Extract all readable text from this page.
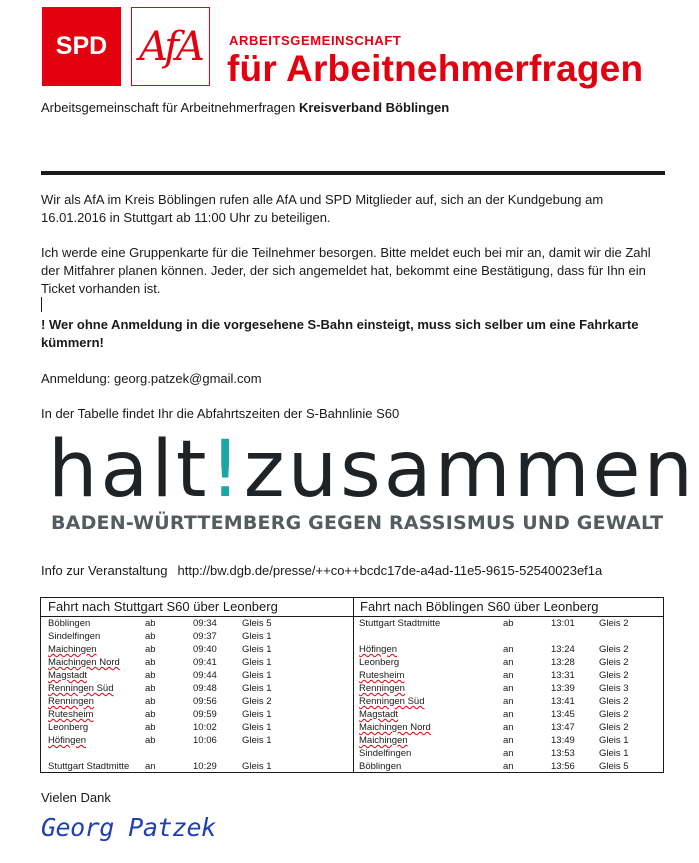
SPD AfA ARBEITSGEMEINSCHAFT
für Arbeitnehmerfragen
Arbeitsgemeinschaft für Arbeitnehmerfragen Kreisverband Böblingen
Wir als AfA im Kreis Böblingen rufen alle AfA und SPD Mitglieder auf, sich an der Kundgebung am 16.01.2016 in Stuttgart ab 11:00 Uhr zu beteiligen.
Ich werde eine Gruppenkarte für die Teilnehmer besorgen. Bitte meldet euch bei mir an, damit wir die Zahl der Mitfahrer planen können. Jeder, der sich angemeldet hat, bekommt eine Bestätigung, dass für Ihn ein Ticket vorhanden ist.
! Wer ohne Anmeldung in die vorgesehene S-Bahn einsteigt, muss sich selber um eine Fahrkarte kümmern!
Anmeldung: georg.patzek@gmail.com
In der Tabelle findet Ihr die Abfahrtszeiten der S-Bahnlinie S60
halt!zusammen
BADEN-WÜRTTEMBERG GEGEN RASSISMUS UND GEWALT
Info zur Veranstaltung http://bw.dgb.de/presse/++co++bcdc17de-a4ad-11e5-9615-52540023ef1a
Fahrt nach Stuttgart S60 über Leonberg
Böblingen	ab	09:34	Gleis 5
Sindelfingen	ab	09:37	Gleis 1
Maichingen	ab	09:40	Gleis 1
Maichingen Nord	ab	09:41	Gleis 1
Magstadt	ab	09:44	Gleis 1
Renningen Süd	ab	09:48	Gleis 1
Renningen	ab	09:56	Gleis 2
Rutesheim	ab	09:59	Gleis 1
Leonberg	ab	10:02	Gleis 1
Höfingen	ab	10:06	Gleis 1
Stuttgart Stadtmitte an	10:29	Gleis 1
Fahrt nach Böblingen S60 über Leonberg
Stuttgart Stadtmitte	ab	13:01	Gleis 2
Höfingen	an	13:24	Gleis 2
Leonberg	an	13:28	Gleis 2
Rutesheim	an	13:31	Gleis 2
Renningen	an	13:39	Gleis 3
Renningen Süd	an	13:41	Gleis 2
Magstadt	an	13:45	Gleis 2
Maichingen Nord	an	13:47	Gleis 2
Maichingen	an	13:49	Gleis 1
Sindelfingen	an	13:53	Gleis 1
Böblingen	an	13:56	Gleis 5
Vielen Dank
Georg Patzek
